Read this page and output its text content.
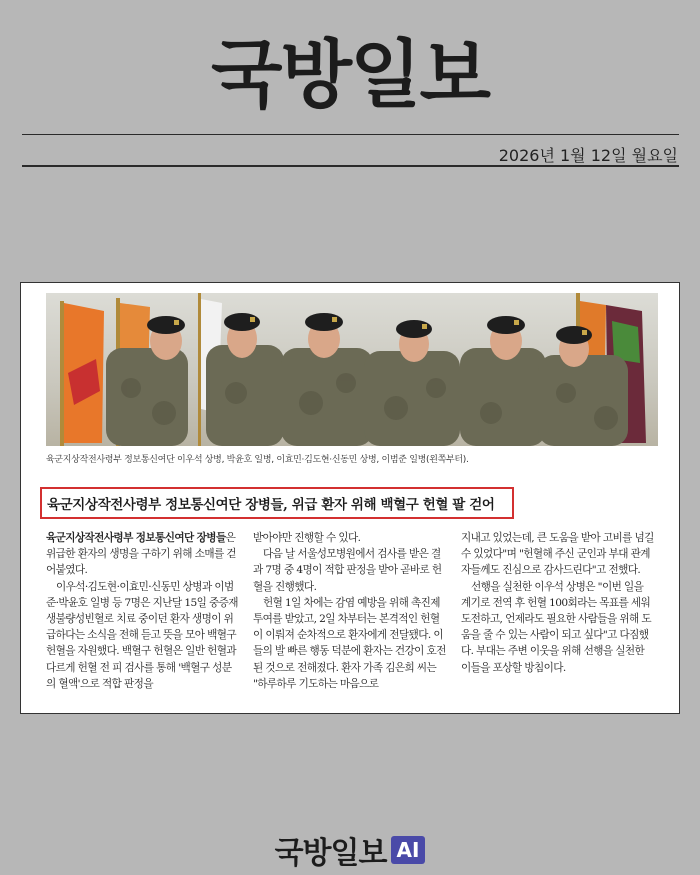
국방일보
2026년 1월 12일 월요일
육군지상작전사령부 정보통신여단 이우석 상병, 박윤호 일병, 이효민·김도현·신동민 상병, 이범준 일병(왼쪽부터).
육군지상작전사령부 정보통신여단 장병들, 위급 환자 위해 백혈구 헌혈 팔 걷어

육군지상작전사령부 정보통신여단 장병들은 위급한 환자의 생명을 구하기 위해 소매를 걷어붙였다.

이우석·김도현·이효민·신동민 상병과 이범준·박윤호 일병 등 7명은 지난달 15일 중증재생불량성빈혈로 치료 중이던 환자 생명이 위급하다는 소식을 전해 듣고 뜻을 모아 백혈구 헌혈을 자원했다. 백혈구 헌혈은 일반 헌혈과 다르게 헌혈 전 피 검사를 통해 '백혈구 성분의 혈액'으로 적합 판정을

받아야만 진행할 수 있다.

다음 날 서울성모병원에서 검사를 받은 결과 7명 중 4명이 적합 판정을 받아 곧바로 헌혈을 진행했다.

헌혈 1일 차에는 감염 예방을 위해 촉진제 투여를 받았고, 2일 차부터는 본격적인 헌혈이 이뤄져 순차적으로 환자에게 전달됐다. 이들의 발 빠른 행동 덕분에 환자는 건강이 호전된 것으로 전해졌다. 환자 가족 김은희 씨는 "하루하루 기도하는 마음으로

지내고 있었는데, 큰 도움을 받아 고비를 넘길 수 있었다"며 "헌혈해 주신 군인과 부대 관계자들께도 진심으로 감사드린다"고 전했다.

선행을 실천한 이우석 상병은 "이번 일을 계기로 전역 후 헌혈 100회라는 목표를 세워 도전하고, 언제라도 필요한 사람들을 위해 도움을 줄 수 있는 사람이 되고 싶다"고 다짐했다. 부대는 주변 이웃을 위해 선행을 실천한 이들을 포상할 방침이다.

국방일보 AI
